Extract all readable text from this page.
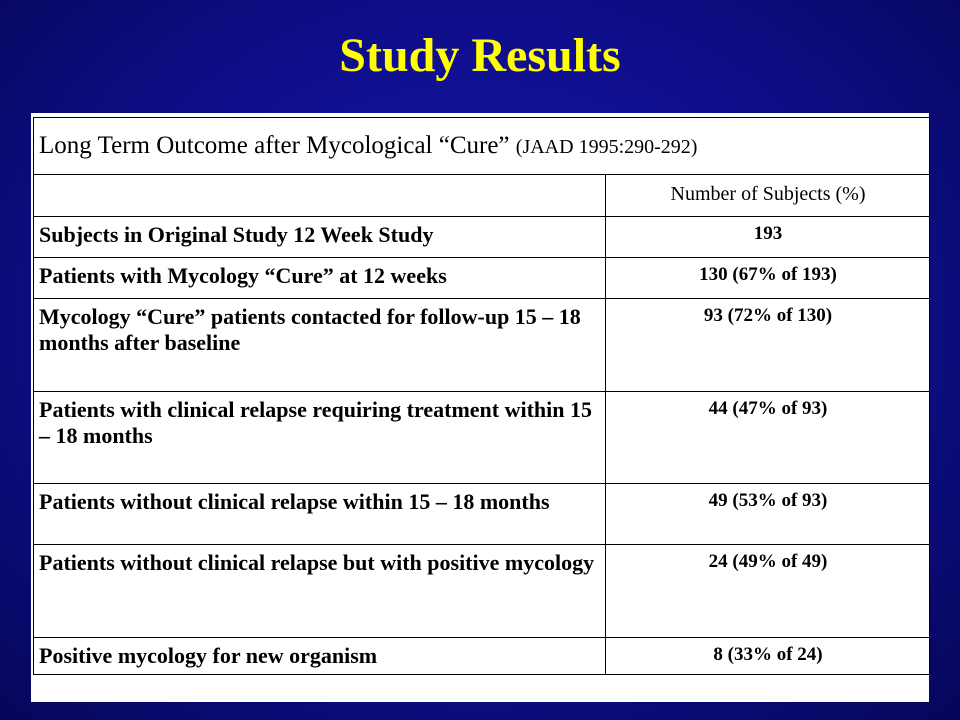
Study Results
Long Term Outcome after Mycological “Cure” (JAAD 1995:290-292)	
	Number of Subjects (%)
Subjects in Original Study 12 Week Study	193
Patients with Mycology “Cure” at 12 weeks	130 (67% of 193)
Mycology “Cure” patients contacted for follow-up 15 – 18 months after baseline	93 (72% of 130)
Patients with clinical relapse requiring treatment within 15 – 18 months	44 (47% of 93)
Patients without clinical relapse within 15 – 18 months	49 (53% of 93)
Patients without clinical relapse but with positive mycology	24 (49% of 49)
Positive mycology for new organism	8 (33% of 24)
